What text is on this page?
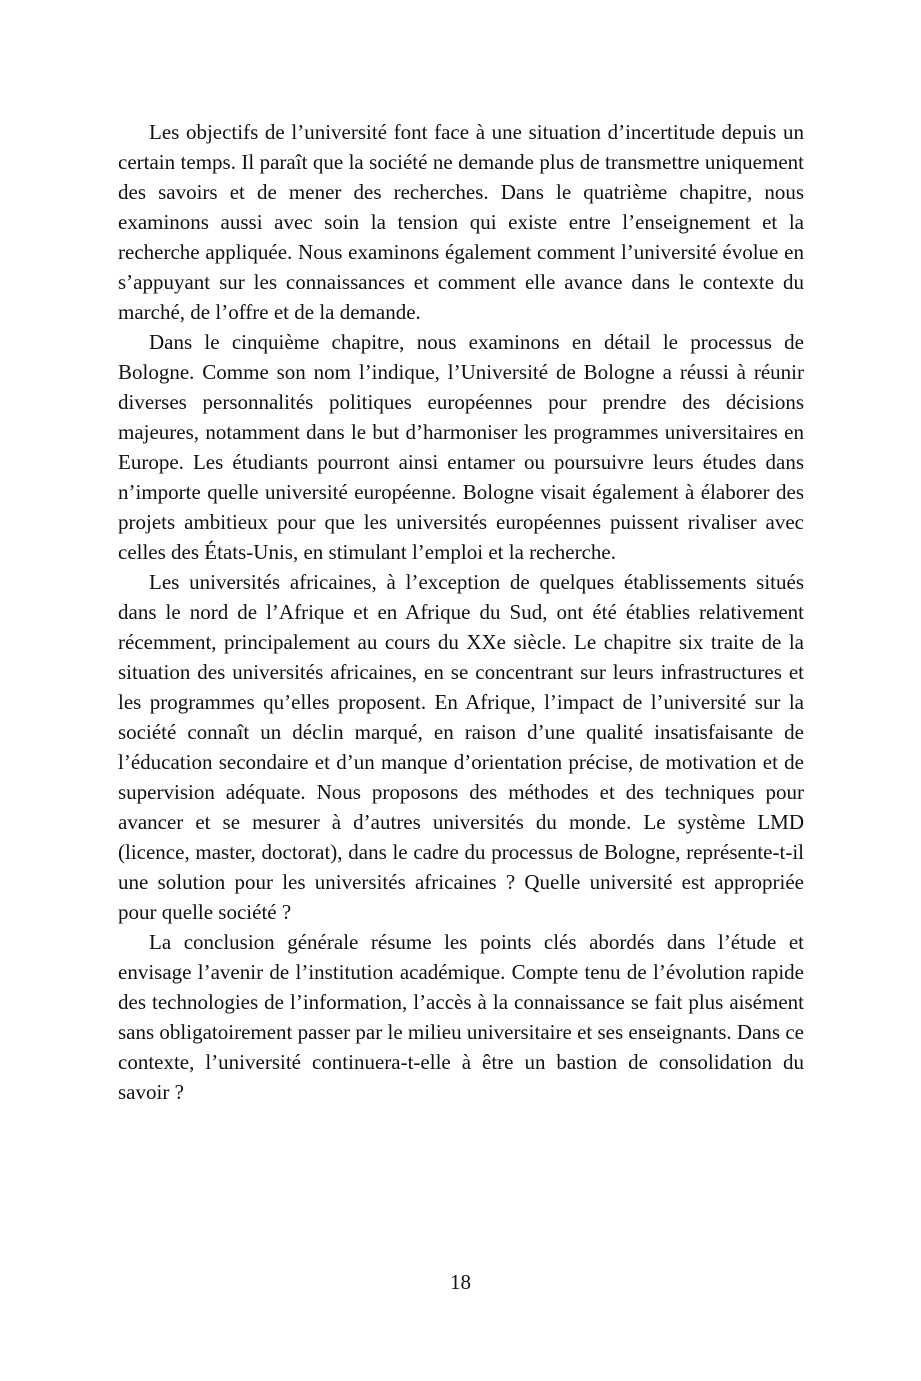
Les objectifs de l’université font face à une situation d’incertitude depuis un certain temps. Il paraît que la société ne demande plus de transmettre uniquement des savoirs et de mener des recherches. Dans le quatrième chapitre, nous examinons aussi avec soin la tension qui existe entre l’enseignement et la recherche appliquée. Nous examinons également comment l’université évolue en s’appuyant sur les connaissances et comment elle avance dans le contexte du marché, de l’offre et de la demande.

Dans le cinquième chapitre, nous examinons en détail le processus de Bologne. Comme son nom l’indique, l’Université de Bologne a réussi à réunir diverses personnalités politiques européennes pour prendre des décisions majeures, notamment dans le but d’harmoniser les programmes universitaires en Europe. Les étudiants pourront ainsi entamer ou poursuivre leurs études dans n’importe quelle université européenne. Bologne visait également à élaborer des projets ambitieux pour que les universités européennes puissent rivaliser avec celles des États-Unis, en stimulant l’emploi et la recherche.

Les universités africaines, à l’exception de quelques établissements situés dans le nord de l’Afrique et en Afrique du Sud, ont été établies relativement récemment, principalement au cours du XXe siècle. Le chapitre six traite de la situation des universités africaines, en se concentrant sur leurs infrastructures et les programmes qu’elles proposent. En Afrique, l’impact de l’université sur la société connaît un déclin marqué, en raison d’une qualité insatisfaisante de l’éducation secondaire et d’un manque d’orientation précise, de motivation et de supervision adéquate. Nous proposons des méthodes et des techniques pour avancer et se mesurer à d’autres universités du monde. Le système LMD (licence, master, doctorat), dans le cadre du processus de Bologne, représente-t-il une solution pour les universités africaines ? Quelle université est appropriée pour quelle société ?

La conclusion générale résume les points clés abordés dans l’étude et envisage l’avenir de l’institution académique. Compte tenu de l’évolution rapide des technologies de l’information, l’accès à la connaissance se fait plus aisément sans obligatoirement passer par le milieu universitaire et ses enseignants. Dans ce contexte, l’université continuera-t-elle à être un bastion de consolidation du savoir ?

18
